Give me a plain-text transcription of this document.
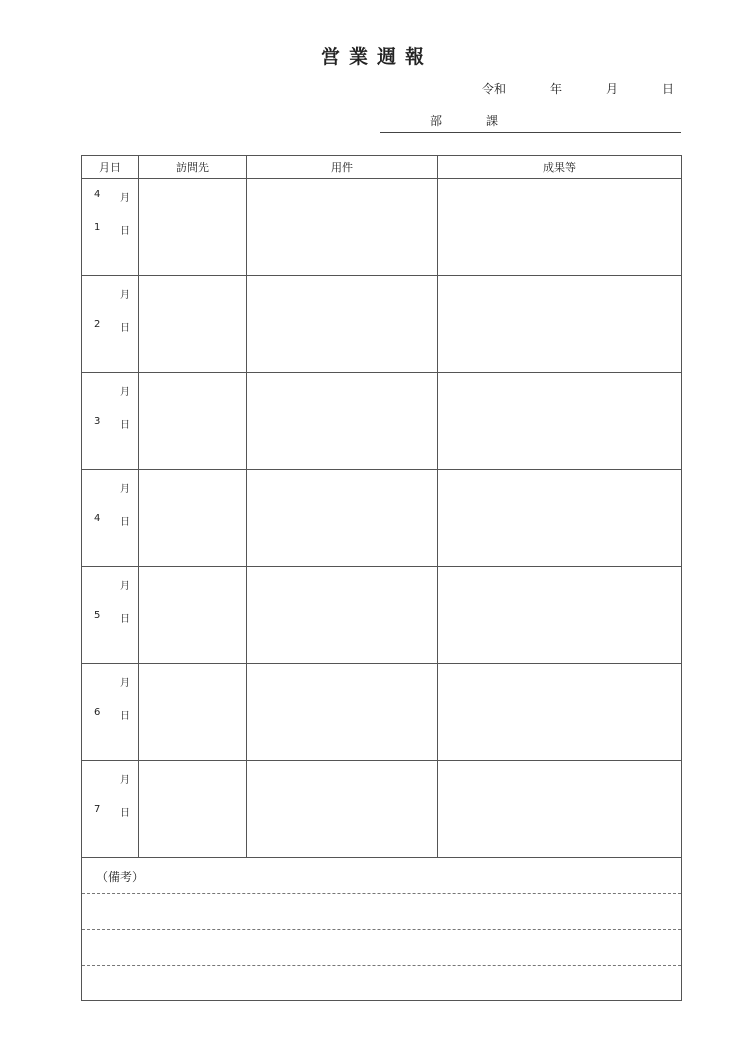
営業週報
令和	年	月	日
部	課
月日	訪問先	用件	成果等

4 月
1 日			

月
2 日			

月
3 日			

月
4 日			

月
5 日			

月
6 日			

月
7 日			

（備考）			
